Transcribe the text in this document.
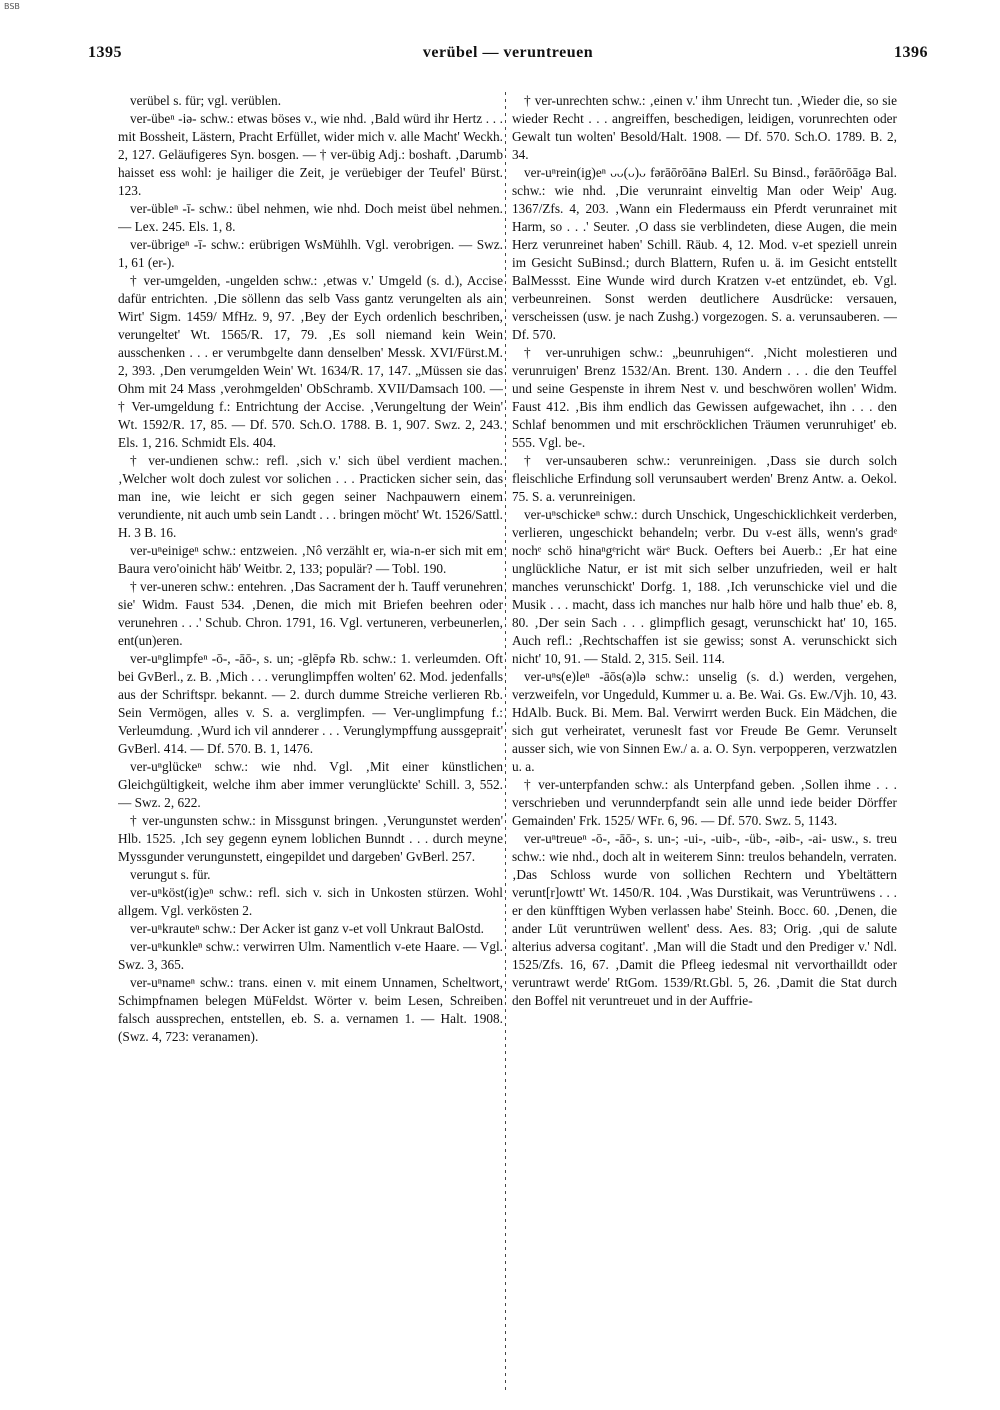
BSB
1395	verübel — veruntreuen	1396

verübel s. für; vgl. verüblen.

ver-übeⁿ -iə- schw.: etwas böses v., wie nhd. ‚Bald würd ihr Hertz . . . mit Bossheit, Lästern, Pracht Erfüllet, wider mich v. alle Macht' Weckh. 2, 127. Geläufigeres Syn. bosgen. — † ver-übig Adj.: boshaft. ‚Darumb haisset ess wohl: je hailiger die Zeit, je verüebiger der Teufel' Bürst. 123.

ver-übleⁿ -ī- schw.: übel nehmen, wie nhd. Doch meist übel nehmen. — Lex. 245. Els. 1, 8.

ver-übrigeⁿ -ī- schw.: erübrigen WsMühlh. Vgl. verobrigen. — Swz. 1, 61 (er-).

† ver-umgelden, -ungelden schw.: ‚etwas v.' Umgeld (s. d.), Accise dafür entrichten. ‚Die söllenn das selb Vass gantz verungelten als ain Wirt' Sigm. 1459/ MfHz. 9, 97. ‚Bey der Eych ordenlich beschriben, verungeltet' Wt. 1565/R. 17, 79. ‚Es soll niemand kein Wein ausschenken . . . er verumbgelte dann denselben' Messk. XVI/Fürst.M. 2, 393. ‚Den verumgelden Wein' Wt. 1634/R. 17, 147. „Müssen sie das Ohm mit 24 Mass ‚verohmgelden' ObSchramb. XVII/Damsach 100. — † Ver-umgeldung f.: Entrichtung der Accise. ‚Verungeltung der Wein' Wt. 1592/R. 17, 85. — Df. 570. Sch.O. 1788. B. 1, 907. Swz. 2, 243. Els. 1, 216. Schmidt Els. 404.

† ver-undienen schw.: refl. ‚sich v.' sich übel verdient machen. ‚Welcher wolt doch zulest vor solichen . . . Practicken sicher sein, das man ine, wie leicht er sich gegen seiner Nachpauwern einem verundiente, nit auch umb sein Landt . . . bringen möcht' Wt. 1526/Sattl. H. 3 B. 16.

ver-uⁿeinigeⁿ schw.: entzweien. ‚Nô verzählt er, wia-n-er sich mit em Baura vero'oinicht häb' Weitbr. 2, 133; populär? — Tobl. 190.

† ver-uneren schw.: entehren. ‚Das Sacrament der h. Tauff verunehren sie' Widm. Faust 534. ‚Denen, die mich mit Briefen beehren oder verunehren . . .' Schub. Chron. 1791, 16. Vgl. vertuneren, verbeunerlen, ent(un)eren.

ver-uⁿglimpfeⁿ -ō-, -āō-, s. un; -glēpfə Rb. schw.: 1. verleumden. Oft bei GvBerl., z. B. ‚Mich . . . verunglimpffen wolten' 62. Mod. jedenfalls aus der Schriftspr. bekannt. — 2. durch dumme Streiche verlieren Rb. Sein Vermögen, alles v. S. a. verglimpfen. — Ver-unglimpfung f.: Verleumdung. ‚Wurd ich vil annderer . . . Verunglympffung aussgeprait' GvBerl. 414. — Df. 570. B. 1, 1476.

ver-uⁿglückeⁿ schw.: wie nhd. Vgl. ‚Mit einer künstlichen Gleichgültigkeit, welche ihm aber immer verunglückte' Schill. 3, 552. — Swz. 2, 622.

† ver-ungunsten schw.: in Missgunst bringen. ‚Verungunstet werden' Hlb. 1525. ‚Ich sey gegenn eynem loblichen Bunndt . . . durch meyne Myssgunder verungunstett, eingepildet und dargeben' GvBerl. 257.

verungut s. für.

ver-uⁿköst(ig)eⁿ schw.: refl. sich v. sich in Unkosten stürzen. Wohl allgem. Vgl. verkösten 2.

ver-uⁿkrauteⁿ schw.: Der Acker ist ganz v-et voll Unkraut BalOstd.

ver-uⁿkunkleⁿ schw.: verwirren Ulm. Namentlich v-ete Haare. — Vgl. Swz. 3, 365.

ver-uⁿnameⁿ schw.: trans. einen v. mit einem Unnamen, Scheltwort, Schimpfnamen belegen MüFeldst. Wörter v. beim Lesen, Schreiben falsch aussprechen, entstellen, eb. S. a. vernamen 1. — Halt. 1908. (Swz. 4, 723: veranamen).

† ver-unrechten schw.: ‚einen v.' ihm Unrecht tun. ‚Wieder die, so sie wieder Recht . . . angreiffen, beschedigen, leidigen, vorunrechten oder Gewalt tun wolten' Besold/Halt. 1908. — Df. 570. Sch.O. 1789. B. 2, 34.

ver-uⁿrein(ig)eⁿ ᴗᴗ(ᴗ)ᴗ fərāōrōānə BalErl. Su Binsd., fərāōrōāgə Bal. schw.: wie nhd. ‚Die verunraint einveltig Man oder Weip' Aug. 1367/Zfs. 4, 203. ‚Wann ein Fledermauss ein Pferdt verunrainet mit Harm, so . . .' Seuter. ‚O dass sie verblindeten, diese Augen, die mein Herz verunreinet haben' Schill. Räub. 4, 12. Mod. v-et speziell unrein im Gesicht SuBinsd.; durch Blattern, Rufen u. ä. im Gesicht entstellt BalMessst. Eine Wunde wird durch Kratzen v-et entzündet, eb. Vgl. verbeunreinen. Sonst werden deutlichere Ausdrücke: versauen, verscheissen (usw. je nach Zushg.) vorgezogen. S. a. verunsauberen. — Df. 570.

† ver-unruhigen schw.: „beunruhigen“. ‚Nicht molestieren und verunruigen' Brenz 1532/An. Brent. 130. Andern . . . die den Teuffel und seine Gespenste in ihrem Nest v. und beschwören wollen' Widm. Faust 412. ‚Bis ihm endlich das Gewissen aufgewachet, ihn . . . den Schlaf benommen und mit erschröcklichen Träumen verunruhiget' eb. 555. Vgl. be-.

† ver-unsauberen schw.: verunreinigen. ‚Dass sie durch solch fleischliche Erfindung soll verunsaubert werden' Brenz Antw. a. Oekol. 75. S. a. verunreinigen.

ver-uⁿschickeⁿ schw.: durch Unschick, Ungeschicklichkeit verderben, verlieren, ungeschickt behandeln; verbr. Du v-est älls, wenn's gradᵉ nochᵉ schö hinaⁿgᵉricht wärᵉ Buck. Oefters bei Auerb.: ‚Er hat eine unglückliche Natur, er ist mit sich selber unzufrieden, weil er halt manches verunschickt' Dorfg. 1, 188. ‚Ich verunschicke viel und die Musik . . . macht, dass ich manches nur halb höre und halb thue' eb. 8, 80. ‚Der sein Sach . . . glimpflich gesagt, verunschickt hat' 10, 165. Auch refl.: ‚Rechtschaffen ist sie gewiss; sonst A. verunschickt sich nicht' 10, 91. — Stald. 2, 315. Seil. 114.

ver-uⁿs(e)leⁿ -āōs(ə)lə schw.: unselig (s. d.) werden, vergehen, verzweifeln, vor Ungeduld, Kummer u. a. Be. Wai. Gs. Ew./Vjh. 10, 43. HdAlb. Buck. Bi. Mem. Bal. Verwirrt werden Buck. Ein Mädchen, die sich gut verheiratet, veruneslt fast vor Freude Be Gemr. Verunselt ausser sich, wie von Sinnen Ew./ a. a. O. Syn. verpopperen, verzwatzlen u. a.

† ver-unterpfanden schw.: als Unterpfand geben. ‚Sollen ihme . . . verschrieben und verunnderpfandt sein alle unnd iede beider Dörffer Gemainden' Frk. 1525/ WFr. 6, 96. — Df. 570. Swz. 5, 1143.

ver-uⁿtreueⁿ -ō-, -āō-, s. un-; -ui-, -uib-, -üb-, -əib-, -ai- usw., s. treu schw.: wie nhd., doch alt in weiterem Sinn: treulos behandeln, verraten. ‚Das Schloss wurde von sollichen Rechtern und Ybeltättern verunt[r]owtt' Wt. 1450/R. 104. ‚Was Durstikait, was Veruntrüwens . . . er den künfftigen Wyben verlassen habe' Steinh. Bocc. 60. ‚Denen, die ander Lüt veruntrüwen wellent' dess. Aes. 83; Orig. ‚qui de salute alterius adversa cogitant'. ‚Man will die Stadt und den Prediger v.' Ndl. 1525/Zfs. 16, 67. ‚Damit die Pfleeg iedesmal nit vervorthailldt oder veruntrawt werde' RtGom. 1539/Rt.Gbl. 5, 26. ‚Damit die Stat durch den Boffel nit veruntreuet und in der Auffrie-
